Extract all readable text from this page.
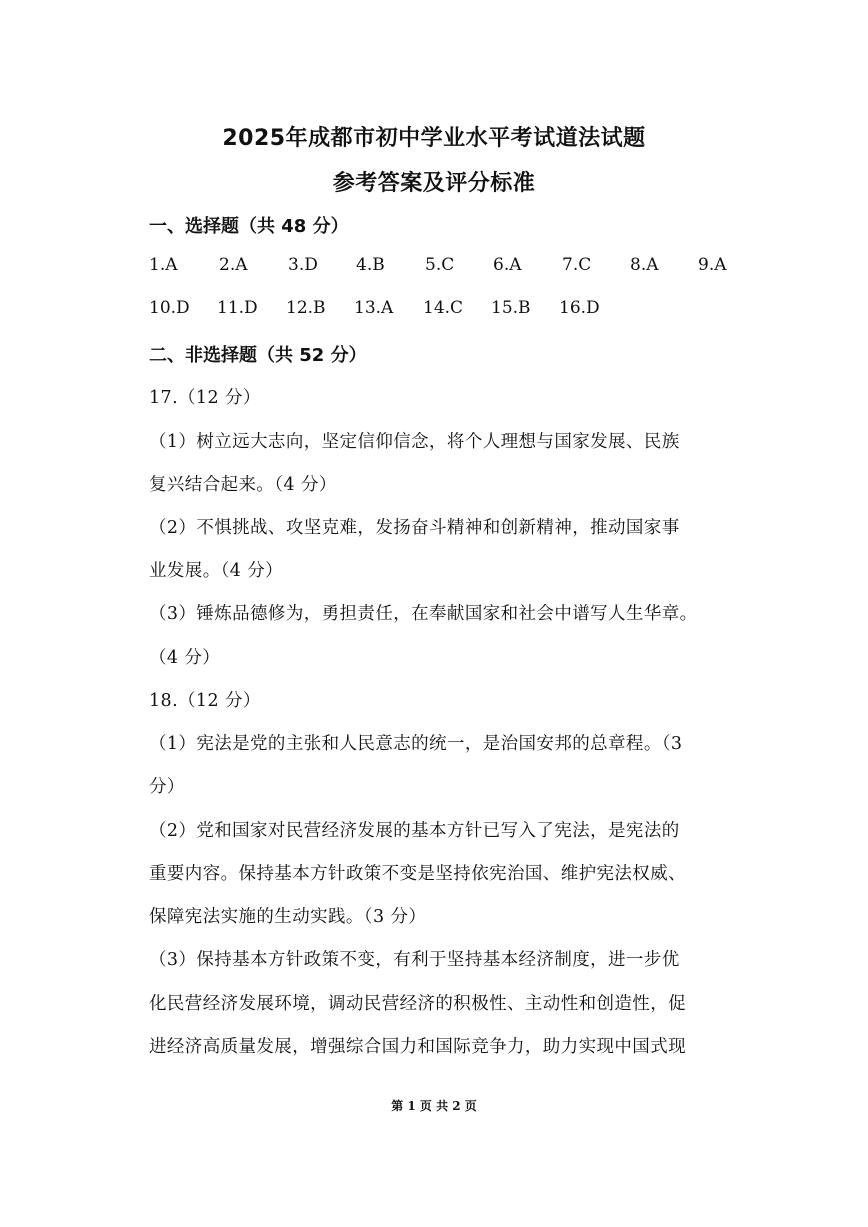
2025年成都市初中学业水平考试道法试题
参考答案及评分标准
一、选择题（共 48 分）
1.A 2.A 3.D 4.B 5.C 6.A 7.C 8.A 9.A
10.D 11.D 12.B 13.A 14.C 15.B 16.D
二、非选择题（共 52 分）
17.（12 分）
（1）树立远大志向，坚定信仰信念，将个人理想与国家发展、民族
复兴结合起来。（4 分）
（2）不惧挑战、攻坚克难，发扬奋斗精神和创新精神，推动国家事
业发展。（4 分）
（3）锤炼品德修为，勇担责任，在奉献国家和社会中谱写人生华章。
（4 分）
18.（12 分）
（1）宪法是党的主张和人民意志的统一，是治国安邦的总章程。（3
分）
（2）党和国家对民营经济发展的基本方针已写入了宪法，是宪法的
重要内容。保持基本方针政策不变是坚持依宪治国、维护宪法权威、
保障宪法实施的生动实践。（3 分）
（3）保持基本方针政策不变，有利于坚持基本经济制度，进一步优
化民营经济发展环境，调动民营经济的积极性、主动性和创造性，促
进经济高质量发展，增强综合国力和国际竞争力，助力实现中国式现
第 1 页 共 2 页
